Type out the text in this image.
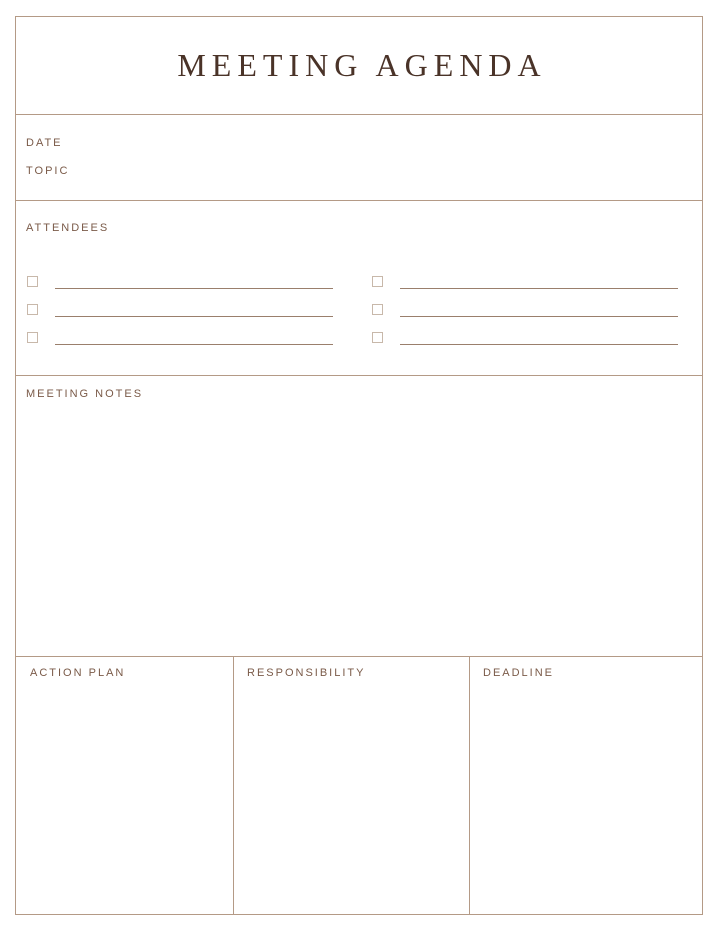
MEETING AGENDA
DATE
TOPIC
ATTENDEES
MEETING NOTES
ACTION PLAN	RESPONSIBILITY	DEADLINE
